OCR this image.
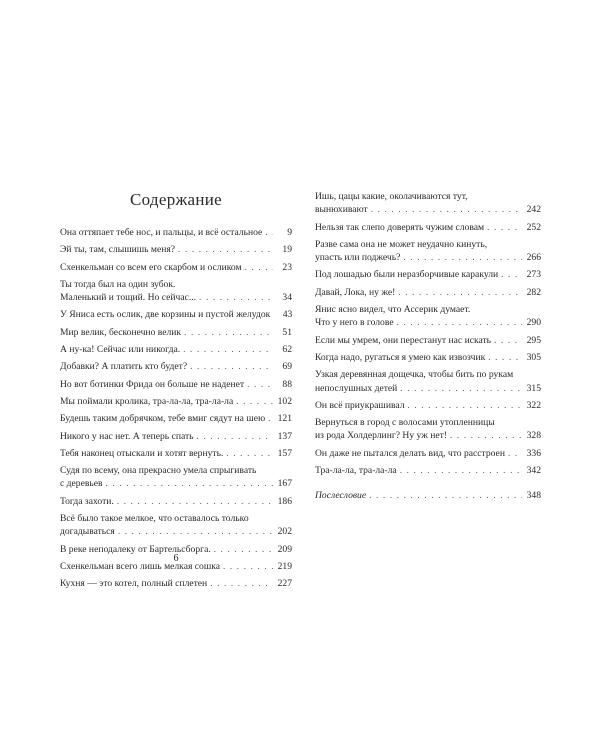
Содержание
Она оттяпает тебе нос, и пальцы, и всё остальное . . .	9
Эй ты, там, слышишь меня? . . .	19
Схенкельман со всем его скарбом и осликом . . .	23
Ты тогда был на один зубок.
Маленький и тощий. Но сейчас... . . .	34
У Яниса есть ослик, две корзины и пустой желудок	43
Мир велик, бесконечно велик . . .	51
А ну-ка! Сейчас или никогда. . . .	62
Добавки? А платить кто будет? . . .	69
Но вот ботинки Фрида он больше не наденет . . .	88
Мы поймали кролика, тра-ла-ла, тра-ла-ла . . .	102
Будешь таким добрячком, тебе вмиг сядут на шею . . . 121
Никого у нас нет. А теперь спать . . .	137
Тебя наконец отыскали и хотят вернуть. . . .	157
Судя по всему, она прекрасно умела спрыгивать
с деревьев . . .	167
Тогда захоти. . . .	186
Всё было такое мелкое, что оставалось только
догадываться . . .	202
В реке неподалеку от Бартельсборга. . . .	209
Схенкельман всего лишь мелкая сошка . . .	219
Кухня — это котел, полный сплетен . . .	227
6
Ишь, цацы какие, околачиваются тут,
вынюхивают . . .	242
Нельзя так слепо доверять чужим словам . . .	252
Разве сама она не может неудачно кинуть,
упасть или поджечь? . . .	266
Под лошадью были неразборчивые каракули . . .	273
Давай, Лока, ну же! . . .	282
Янис ясно видел, что Ассерик думает.
Что у него в голове . . .	290
Если мы умрем, они перестанут нас искать . . .	295
Когда надо, ругаться я умею как извозчик . . .	305
Узкая деревянная дощечка, чтобы бить по рукам
непослушных детей . . .	315
Он всё приукрашивал . . .	322
Вернуться в город с волосами утопленницы
из рода Холдерлинг? Ну уж нет! . . .	328
Он даже не пытался делать вид, что расстроен . . . 336
Тра-ла-ла, тра-ла-ла . . .	342
Послесловие . . .	348
